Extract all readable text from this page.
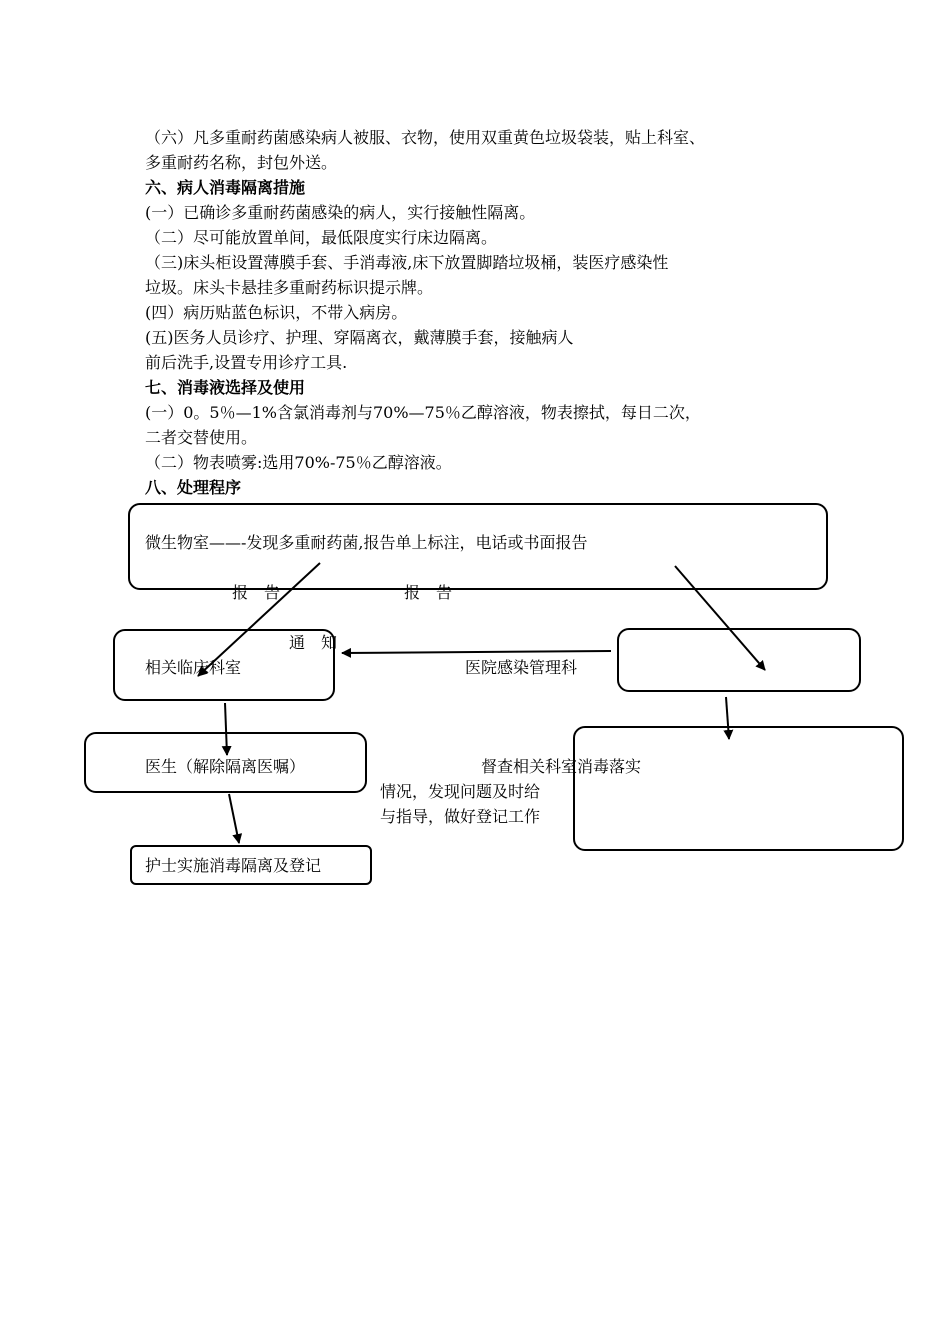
（六）凡多重耐药菌感染病人被服、衣物，使用双重黄色垃圾袋装，贴上科室、
多重耐药名称，封包外送。
六、病人消毒隔离措施
(一）已确诊多重耐药菌感染的病人，实行接触性隔离。
（二）尽可能放置单间，最低限度实行床边隔离。
（三)床头柜设置薄膜手套、手消毒液,床下放置脚踏垃圾桶，装医疗感染性
垃圾。床头卡悬挂多重耐药标识提示牌。
(四）病历贴蓝色标识，不带入病房。
(五)医务人员诊疗、护理、穿隔离衣，戴薄膜手套，接触病人
前后洗手,设置专用诊疗工具.
七、消毒液选择及使用
(一）0。5％—1%含氯消毒剂与70%—75％乙醇溶液，物表擦拭，每日二次，
二者交替使用。
（二）物表喷雾:选用70%-75％乙醇溶液。
八、处理程序
微生物室——-发现多重耐药菌,报告单上标注，电话或书面报告
报　告	报　告
通　知
相关临床科室	医院感染管理科
医生（解除隔离医嘱）	督查相关科室消毒落实
情况，发现问题及时给
与指导，做好登记工作
护士实施消毒隔离及登记
